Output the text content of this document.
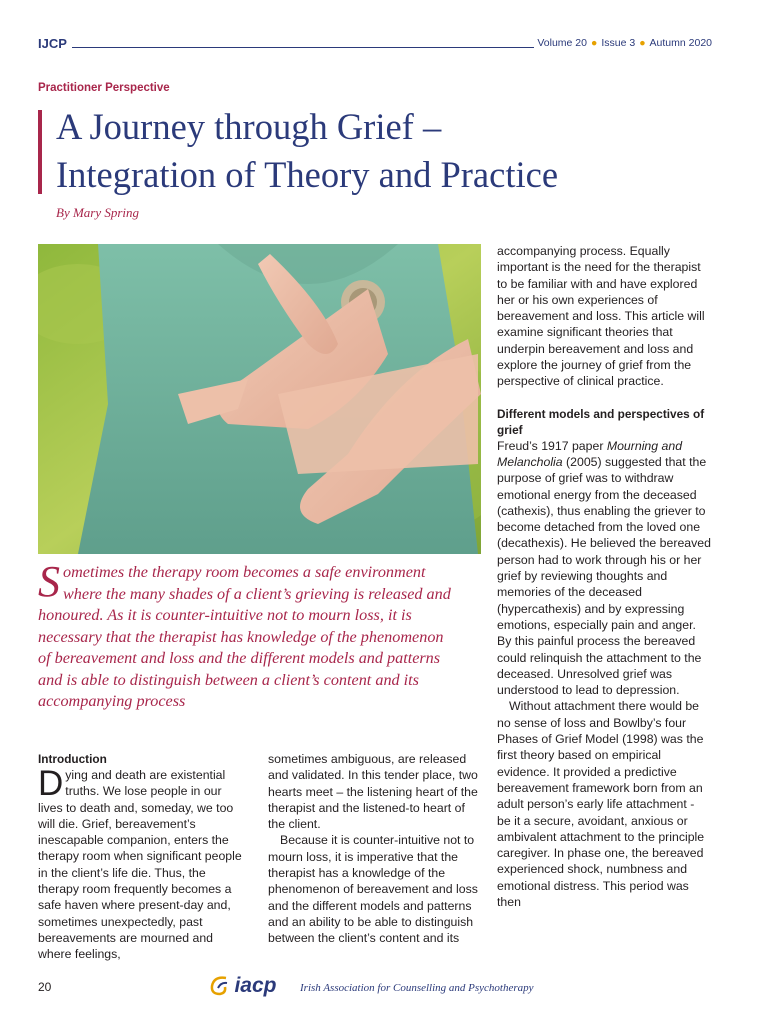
IJCP	Volume 20 ● Issue 3 ● Autumn 2020
Practitioner Perspective
A Journey through Grief –
Integration of Theory and Practice
By Mary Spring
Sometimes the therapy room becomes a safe environment where the many shades of a client’s grieving is released and honoured. As it is counter-intuitive not to mourn loss, it is necessary that the therapist has knowledge of the phenomenon of bereavement and loss and the different models and patterns and is able to distinguish between a client’s content and its accompanying process
Introduction

Dying and death are existential truths. We lose people in our lives to death and, someday, we too will die. Grief, bereavement’s inescapable companion, enters the therapy room when significant people in the client’s life die. Thus, the therapy room frequently becomes a safe haven where present-day and, sometimes unexpectedly, past bereavements are mourned and where feelings,

sometimes ambiguous, are released and validated. In this tender place, two hearts meet – the listening heart of the therapist and the listened-to heart of the client.

Because it is counter-intuitive not to mourn loss, it is imperative that the therapist has a knowledge of the phenomenon of bereavement and loss and the different models and patterns and an ability to be able to distinguish between the client’s content and its

accompanying process. Equally important is the need for the therapist to be familiar with and have explored her or his own experiences of bereavement and loss. This article will examine significant theories that underpin bereavement and loss and explore the journey of grief from the perspective of clinical practice.

Different models and perspectives of grief

Freud’s 1917 paper Mourning and Melancholia (2005) suggested that the purpose of grief was to withdraw emotional energy from the deceased (cathexis), thus enabling the griever to become detached from the loved one (decathexis). He believed the bereaved person had to work through his or her grief by reviewing thoughts and memories of the deceased (hypercathexis) and by expressing emotions, especially pain and anger. By this painful process the bereaved could relinquish the attachment to the deceased. Unresolved grief was understood to lead to depression.

Without attachment there would be no sense of loss and Bowlby’s four Phases of Grief Model (1998) was the first theory based on empirical evidence. It provided a predictive bereavement framework born from an adult person’s early life attachment - be it a secure, avoidant, anxious or ambivalent attachment to the principle caregiver. In phase one, the bereaved experienced shock, numbness and emotional distress. This period was then

20	iacp Irish Association for Counselling and Psychotherapy
